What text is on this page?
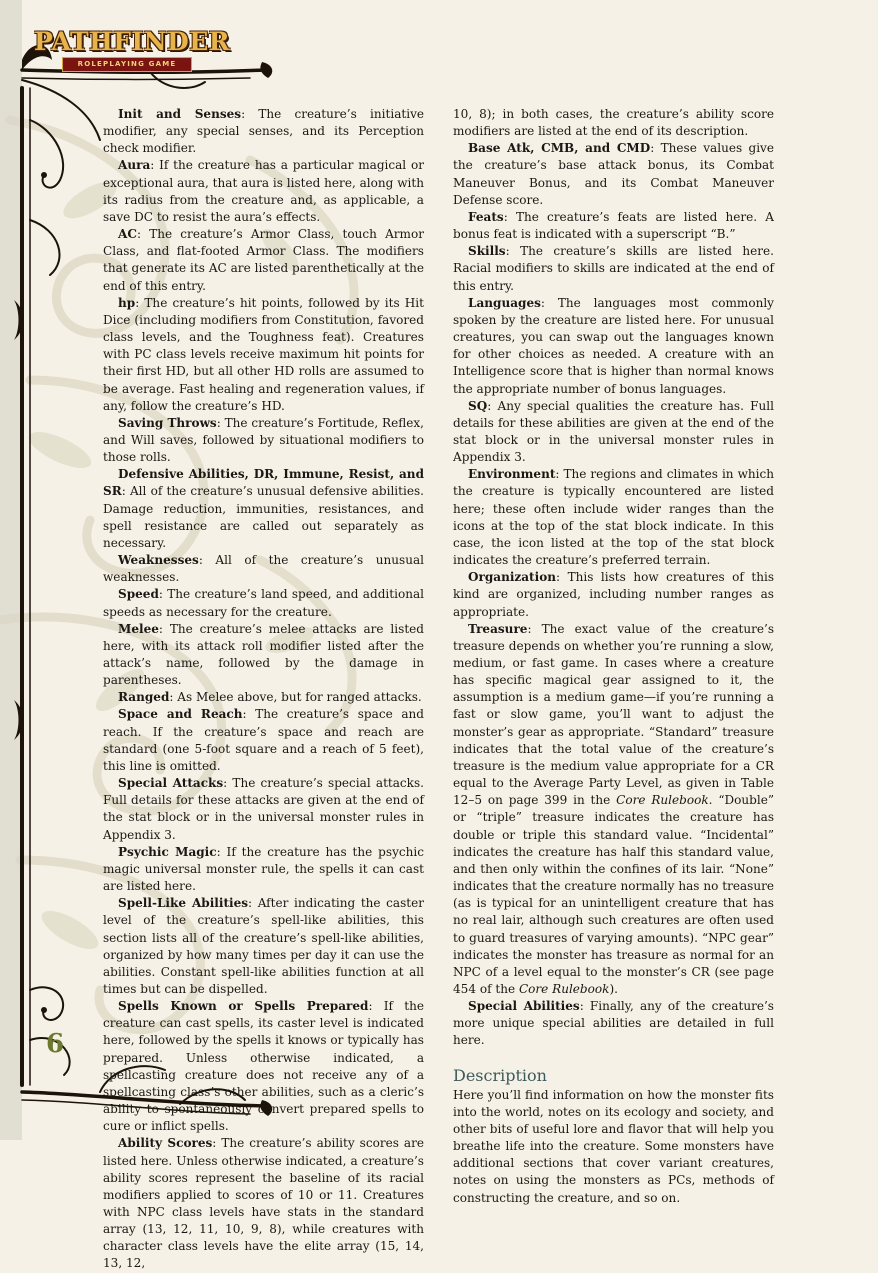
PATHFINDER
ROLEPLAYING GAME

Init and Senses: The creature’s initiative modifier, any special senses, and its Perception check modifier.

Aura: If the creature has a particular magical or exceptional aura, that aura is listed here, along with its radius from the creature and, as applicable, a save DC to resist the aura’s effects.

AC: The creature’s Armor Class, touch Armor Class, and flat-footed Armor Class. The modifiers that generate its AC are listed parenthetically at the end of this entry.

hp: The creature’s hit points, followed by its Hit Dice (including modifiers from Constitution, favored class levels, and the Toughness feat). Creatures with PC class levels receive maximum hit points for their first HD, but all other HD rolls are assumed to be average. Fast healing and regeneration values, if any, follow the creature’s HD.

Saving Throws: The creature’s Fortitude, Reflex, and Will saves, followed by situational modifiers to those rolls.

Defensive Abilities, DR, Immune, Resist, and SR: All of the creature’s unusual defensive abilities. Damage reduction, immunities, resistances, and spell resistance are called out separately as necessary.

Weaknesses: All of the creature’s unusual weaknesses.

Speed: The creature’s land speed, and additional speeds as necessary for the creature.

Melee: The creature’s melee attacks are listed here, with its attack roll modifier listed after the attack’s name, followed by the damage in parentheses.

Ranged: As Melee above, but for ranged attacks.

Space and Reach: The creature’s space and reach. If the creature’s space and reach are standard (one 5-foot square and a reach of 5 feet), this line is omitted.

Special Attacks: The creature’s special attacks. Full details for these attacks are given at the end of the stat block or in the universal monster rules in Appendix 3.

Psychic Magic: If the creature has the psychic magic universal monster rule, the spells it can cast are listed here.

Spell-Like Abilities: After indicating the caster level of the creature’s spell-like abilities, this section lists all of the creature’s spell-like abilities, organized by how many times per day it can use the abilities. Constant spell-like abilities function at all times but can be dispelled.

Spells Known or Spells Prepared: If the creature can cast spells, its caster level is indicated here, followed by the spells it knows or typically has prepared. Unless otherwise indicated, a spellcasting creature does not receive any of a spellcasting class’s other abilities, such as a cleric’s ability to spontaneously convert prepared spells to cure or inflict spells.

Ability Scores: The creature’s ability scores are listed here. Unless otherwise indicated, a creature’s ability scores represent the baseline of its racial modifiers applied to scores of 10 or 11. Creatures with NPC class levels have stats in the standard array (13, 12, 11, 10, 9, 8), while creatures with character class levels have the elite array (15, 14, 13, 12,

10, 8); in both cases, the creature’s ability score modifiers are listed at the end of its description.

Base Atk, CMB, and CMD: These values give the creature’s base attack bonus, its Combat Maneuver Bonus, and its Combat Maneuver Defense score.

Feats: The creature’s feats are listed here. A bonus feat is indicated with a superscript “B.”

Skills: The creature’s skills are listed here. Racial modifiers to skills are indicated at the end of this entry.

Languages: The languages most commonly spoken by the creature are listed here. For unusual creatures, you can swap out the languages known for other choices as needed. A creature with an Intelligence score that is higher than normal knows the appropriate number of bonus languages.

SQ: Any special qualities the creature has. Full details for these abilities are given at the end of the stat block or in the universal monster rules in Appendix 3.

Environment: The regions and climates in which the creature is typically encountered are listed here; these often include wider ranges than the icons at the top of the stat block indicate. In this case, the icon listed at the top of the stat block indicates the creature’s preferred terrain.

Organization: This lists how creatures of this kind are organized, including number ranges as appropriate.

Treasure: The exact value of the creature’s treasure depends on whether you’re running a slow, medium, or fast game. In cases where a creature has specific magical gear assigned to it, the assumption is a medium game—if you’re running a fast or slow game, you’ll want to adjust the monster’s gear as appropriate. “Standard” treasure indicates that the total value of the creature’s treasure is the medium value appropriate for a CR equal to the Average Party Level, as given in Table 12–5 on page 399 in the Core Rulebook. “Double” or “triple” treasure indicates the creature has double or triple this standard value. “Incidental” indicates the creature has half this standard value, and then only within the confines of its lair. “None” indicates that the creature normally has no treasure (as is typical for an unintelligent creature that has no real lair, although such creatures are often used to guard treasures of varying amounts). “NPC gear” indicates the monster has treasure as normal for an NPC of a level equal to the monster’s CR (see page 454 of the Core Rulebook).

Special Abilities: Finally, any of the creature’s more unique special abilities are detailed in full here.

Description

Here you’ll find information on how the monster fits into the world, notes on its ecology and society, and other bits of useful lore and flavor that will help you breathe life into the creature. Some monsters have additional sections that cover variant creatures, notes on using the monsters as PCs, methods of constructing the creature, and so on.

6
